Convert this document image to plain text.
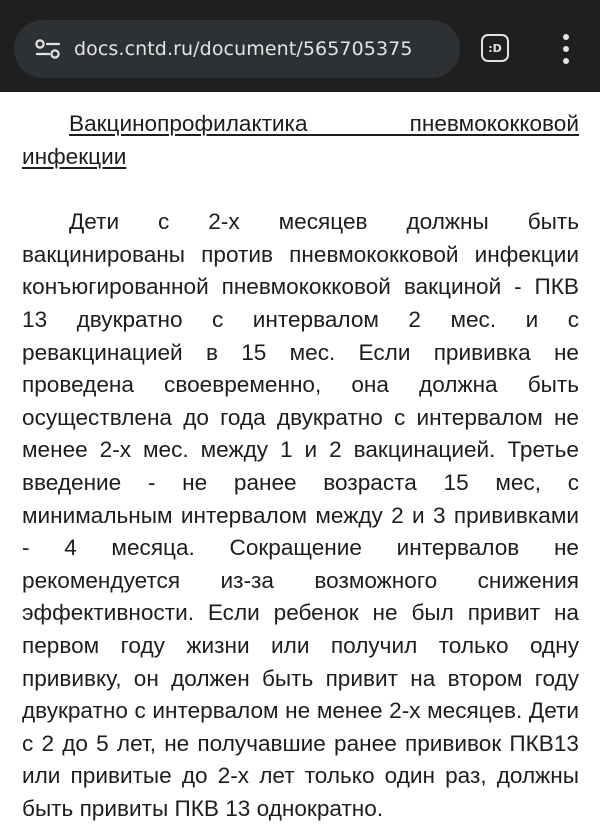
docs.cntd.ru/document/565705375	:D

Вакцинопрофилактика пневмококковой инфекции

Дети с 2-х месяцев должны быть вакцинированы против пневмококковой инфекции конъюгированной пневмококковой вакциной - ПКВ 13 двукратно с интервалом 2 мес. и с ревакцинацией в 15 мес. Если прививка не проведена своевременно, она должна быть осуществлена до года двукратно с интервалом не менее 2-х мес. между 1 и 2 вакцинацией. Третье введение - не ранее возраста 15 мес, с минимальным интервалом между 2 и 3 прививками - 4 месяца. Сокращение интервалов не рекомендуется из-за возможного снижения эффективности. Если ребенок не был привит на первом году жизни или получил только одну прививку, он должен быть привит на втором году двукратно с интервалом не менее 2-х месяцев. Дети с 2 до 5 лет, не получавшие ранее прививок ПКВ13 или привитые до 2-х лет только один раз, должны быть привиты ПКВ 13 однократно.
